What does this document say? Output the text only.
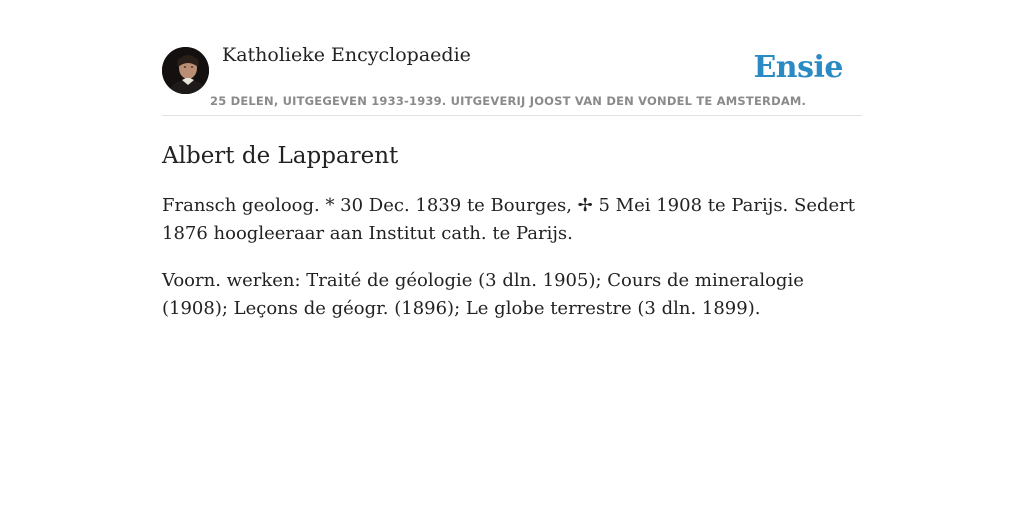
Katholieke Encyclopaedie	Ensie
25 DELEN, UITGEGEVEN 1933-1939. UITGEVERIJ JOOST VAN DEN VONDEL TE AMSTERDAM.
Albert de Lapparent

Fransch geoloog. * 30 Dec. 1839 te Bourges, ✢ 5 Mei 1908 te Parijs. Sedert 1876 hoogleeraar aan Institut cath. te Parijs.

Voorn. werken: Traité de géologie (3 dln. 1905); Cours de mineralogie (1908); Leçons de géogr. (1896); Le globe terrestre (3 dln. 1899).
